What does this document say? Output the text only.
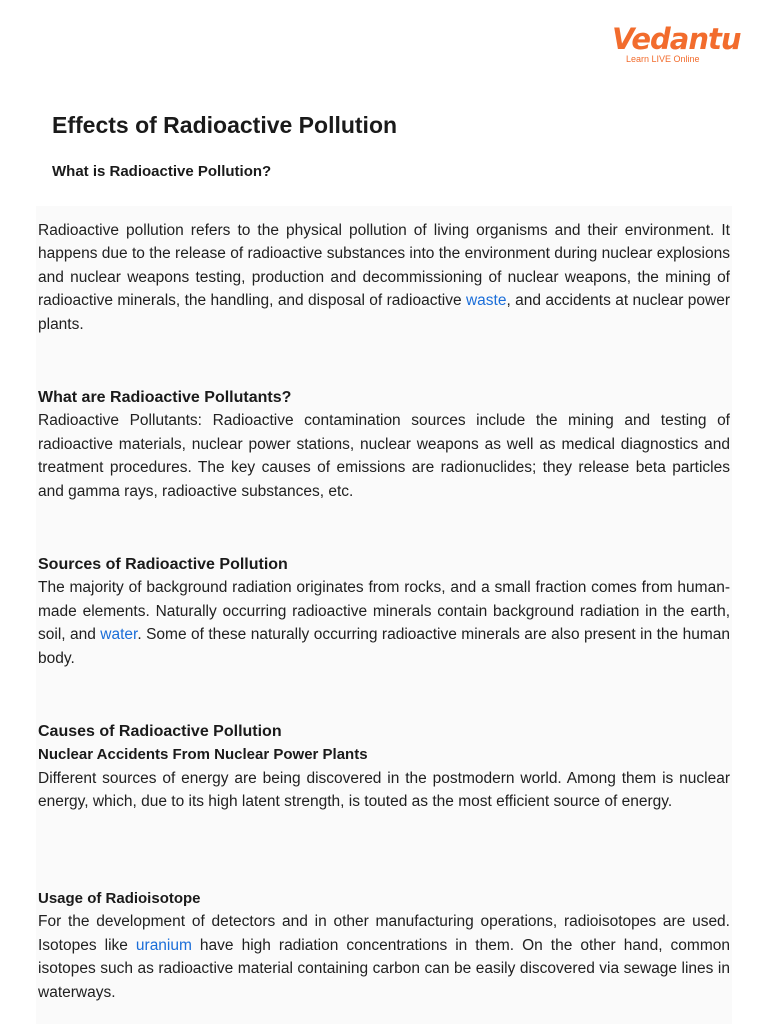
Vedantu
Learn LIVE Online
Effects of Radioactive Pollution
What is Radioactive Pollution?

Radioactive pollution refers to the physical pollution of living organisms and their environment. It happens due to the release of radioactive substances into the environment during nuclear explosions and nuclear weapons testing, production and decommissioning of nuclear weapons, the mining of radioactive minerals, the handling, and disposal of radioactive waste, and accidents at nuclear power plants.

What are Radioactive Pollutants?

Radioactive Pollutants: Radioactive contamination sources include the mining and testing of radioactive materials, nuclear power stations, nuclear weapons as well as medical diagnostics and treatment procedures. The key causes of emissions are radionuclides; they release beta particles and gamma rays, radioactive substances, etc.

Sources of Radioactive Pollution

The majority of background radiation originates from rocks, and a small fraction comes from human-made elements. Naturally occurring radioactive minerals contain background radiation in the earth, soil, and water. Some of these naturally occurring radioactive minerals are also present in the human body.

Causes of Radioactive Pollution
Nuclear Accidents From Nuclear Power Plants

Different sources of energy are being discovered in the postmodern world. Among them is nuclear energy, which, due to its high latent strength, is touted as the most efficient source of energy.

Usage of Radioisotope

For the development of detectors and in other manufacturing operations, radioisotopes are used. Isotopes like uranium have high radiation concentrations in them. On the other hand, common isotopes such as radioactive material containing carbon can be easily discovered via sewage lines in waterways.
